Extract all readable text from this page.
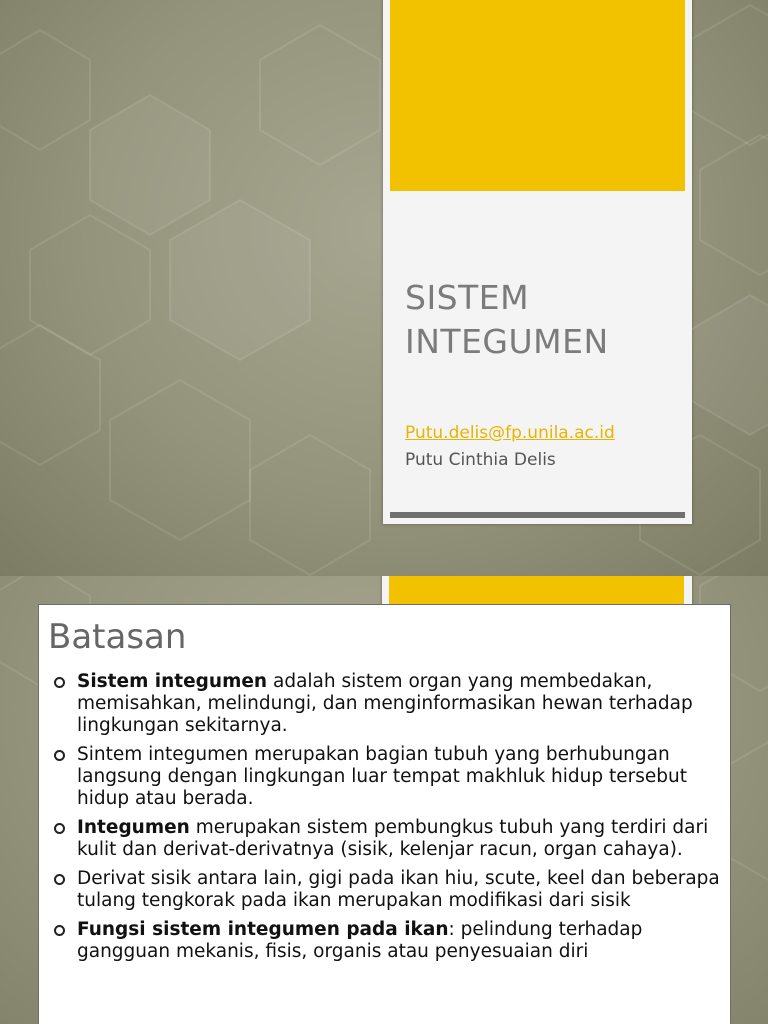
SISTEM
INTEGUMEN
Putu.delis@fp.unila.ac.id
Putu Cinthia Delis
Batasan
Sistem integumen adalah sistem organ yang membedakan, memisahkan, melindungi, dan menginformasikan hewan terhadap lingkungan sekitarnya.
Sintem integumen merupakan bagian tubuh yang berhubungan langsung dengan lingkungan luar tempat makhluk hidup tersebut hidup atau berada.
Integumen merupakan sistem pembungkus tubuh yang terdiri dari kulit dan derivat-derivatnya (sisik, kelenjar racun, organ cahaya).
Derivat sisik antara lain, gigi pada ikan hiu, scute, keel dan beberapa tulang tengkorak pada ikan merupakan modifikasi dari sisik
Fungsi sistem integumen pada ikan: pelindung terhadap gangguan mekanis, fisis, organis atau penyesuaian diri
